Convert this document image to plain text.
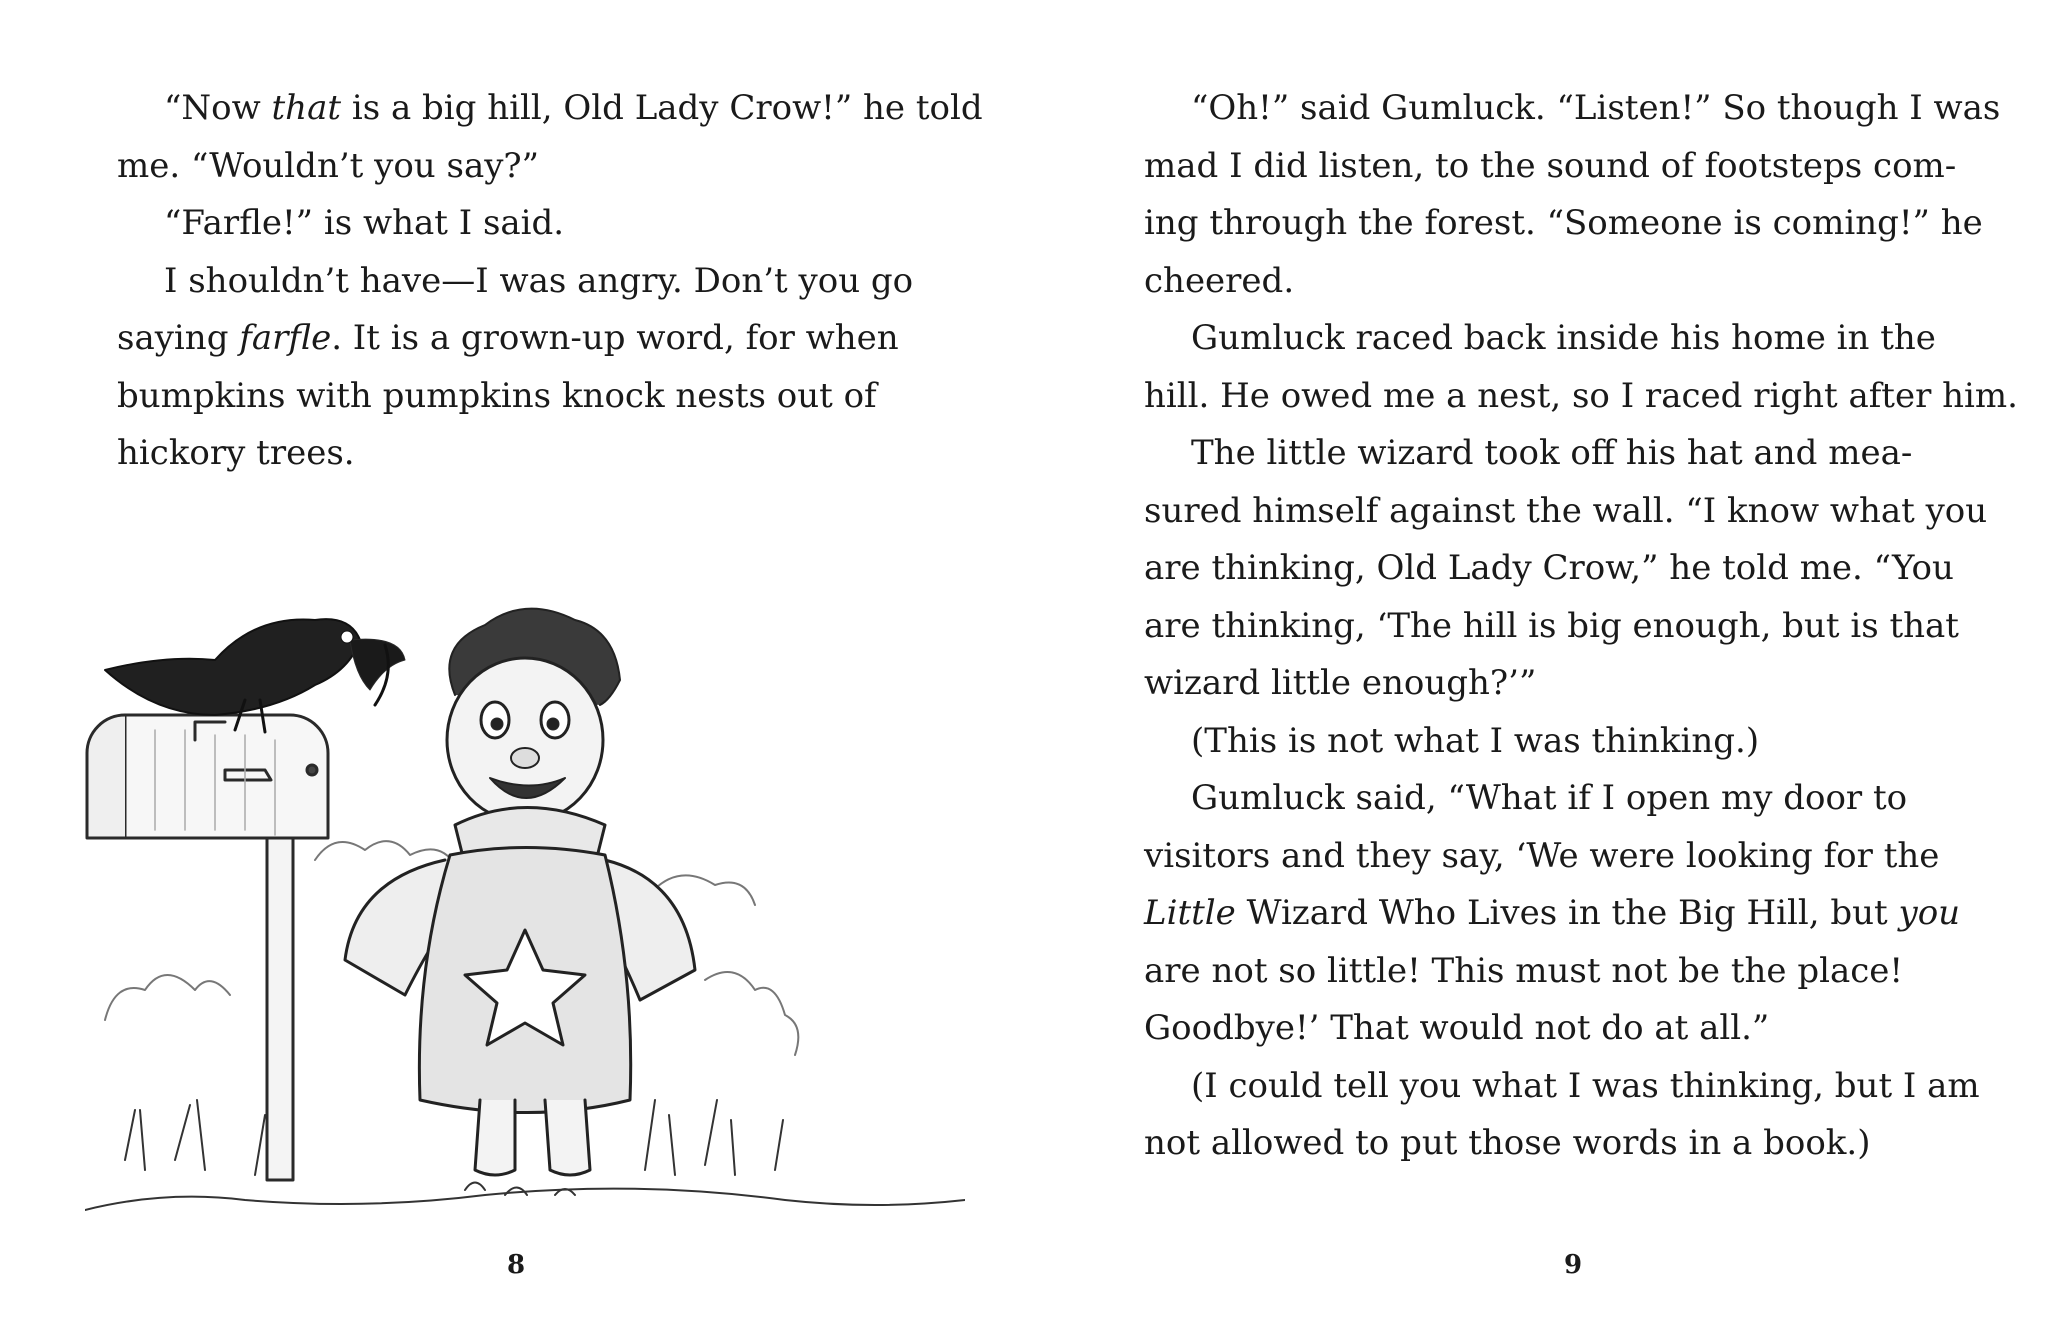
“Now that is a big hill, Old Lady Crow!” he told
me. “Wouldn’t you say?”
“Farfle!” is what I said.
I shouldn’t have—I was angry. Don’t you go
saying farfle. It is a grown-up word, for when
bumpkins with pumpkins knock nests out of
hickory trees.
8
“Oh!” said Gumluck. “Listen!” So though I was
mad I did listen, to the sound of footsteps com-
ing through the forest. “Someone is coming!” he
cheered.
Gumluck raced back inside his home in the
hill. He owed me a nest, so I raced right after him.
The little wizard took off his hat and mea-
sured himself against the wall. “I know what you
are thinking, Old Lady Crow,” he told me. “You
are thinking, ‘The hill is big enough, but is that
wizard little enough?’”
(This is not what I was thinking.)
Gumluck said, “What if I open my door to
visitors and they say, ‘We were looking for the
Little Wizard Who Lives in the Big Hill, but you
are not so little! This must not be the place!
Goodbye!’ That would not do at all.”
(I could tell you what I was thinking, but I am
not allowed to put those words in a book.)
9
